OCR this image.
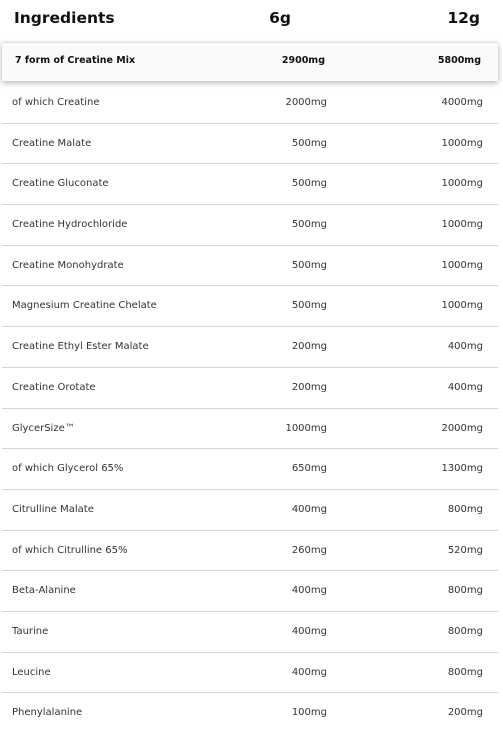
Ingredients	6g	12g
7 form of Creatine Mix	2900mg	5800mg
of which Creatine	2000mg	4000mg
Creatine Malate	500mg	1000mg
Creatine Gluconate	500mg	1000mg
Creatine Hydrochloride	500mg	1000mg
Creatine Monohydrate	500mg	1000mg
Magnesium Creatine Chelate	500mg	1000mg
Creatine Ethyl Ester Malate	200mg	400mg
Creatine Orotate	200mg	400mg
GlycerSize™	1000mg	2000mg
of which Glycerol 65%	650mg	1300mg
Citrulline Malate	400mg	800mg
of which Citrulline 65%	260mg	520mg
Beta-Alanine	400mg	800mg
Taurine	400mg	800mg
Leucine	400mg	800mg
Phenylalanine	100mg	200mg
